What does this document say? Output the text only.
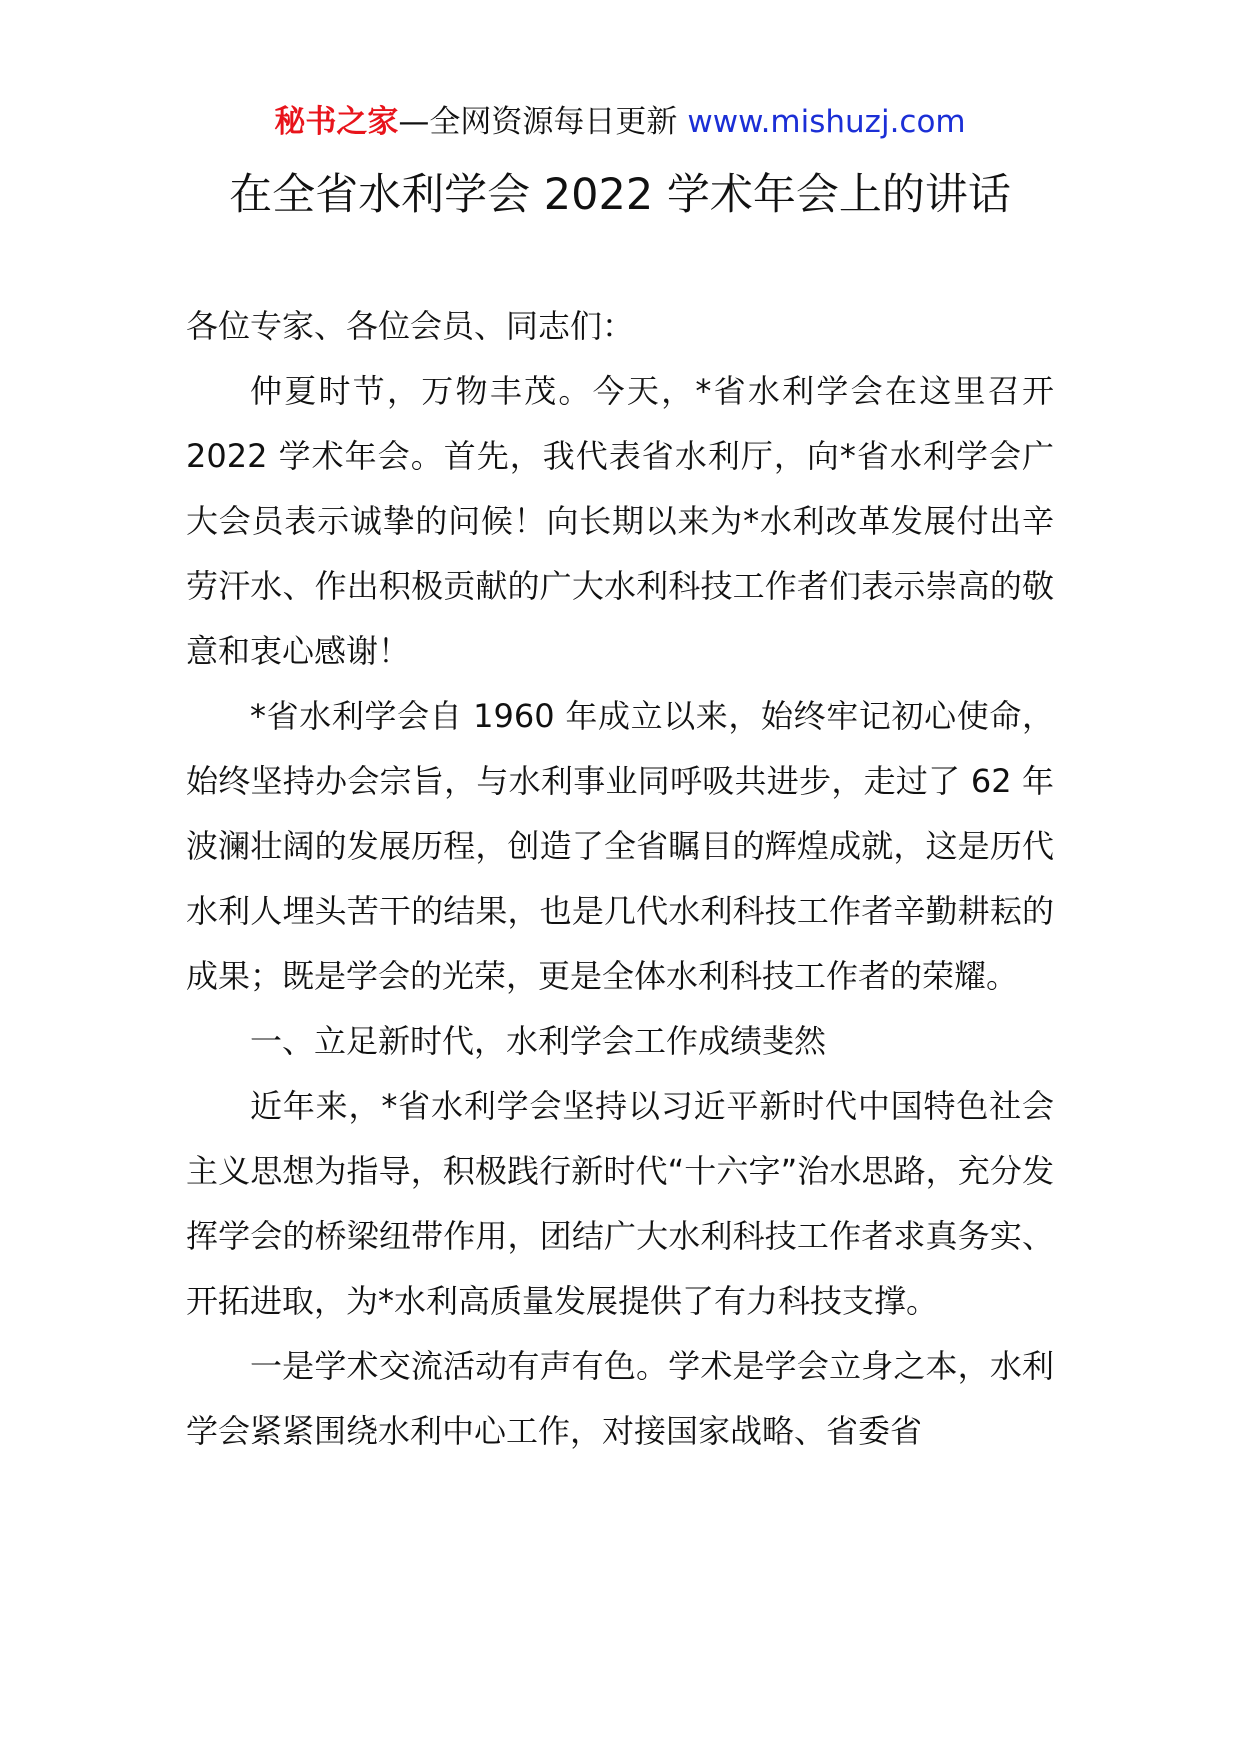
秘书之家—全网资源每日更新 www.mishuzj.com
在全省水利学会 2022 学术年会上的讲话

各位专家、各位会员、同志们：

仲夏时节，万物丰茂。今天，*省水利学会在这里召开 2022 学术年会。首先，我代表省水利厅，向*省水利学会广大会员表示诚挚的问候！向长期以来为*水利改革发展付出辛劳汗水、作出积极贡献的广大水利科技工作者们表示崇高的敬意和衷心感谢！

*省水利学会自 1960 年成立以来，始终牢记初心使命，始终坚持办会宗旨，与水利事业同呼吸共进步，走过了 62 年波澜壮阔的发展历程，创造了全省瞩目的辉煌成就，这是历代水利人埋头苦干的结果，也是几代水利科技工作者辛勤耕耘的成果；既是学会的光荣，更是全体水利科技工作者的荣耀。

一、立足新时代，水利学会工作成绩斐然

近年来，*省水利学会坚持以习近平新时代中国特色社会主义思想为指导，积极践行新时代“十六字”治水思路，充分发挥学会的桥梁纽带作用，团结广大水利科技工作者求真务实、开拓进取，为*水利高质量发展提供了有力科技支撑。

一是学术交流活动有声有色。学术是学会立身之本，水利学会紧紧围绕水利中心工作，对接国家战略、省委省
